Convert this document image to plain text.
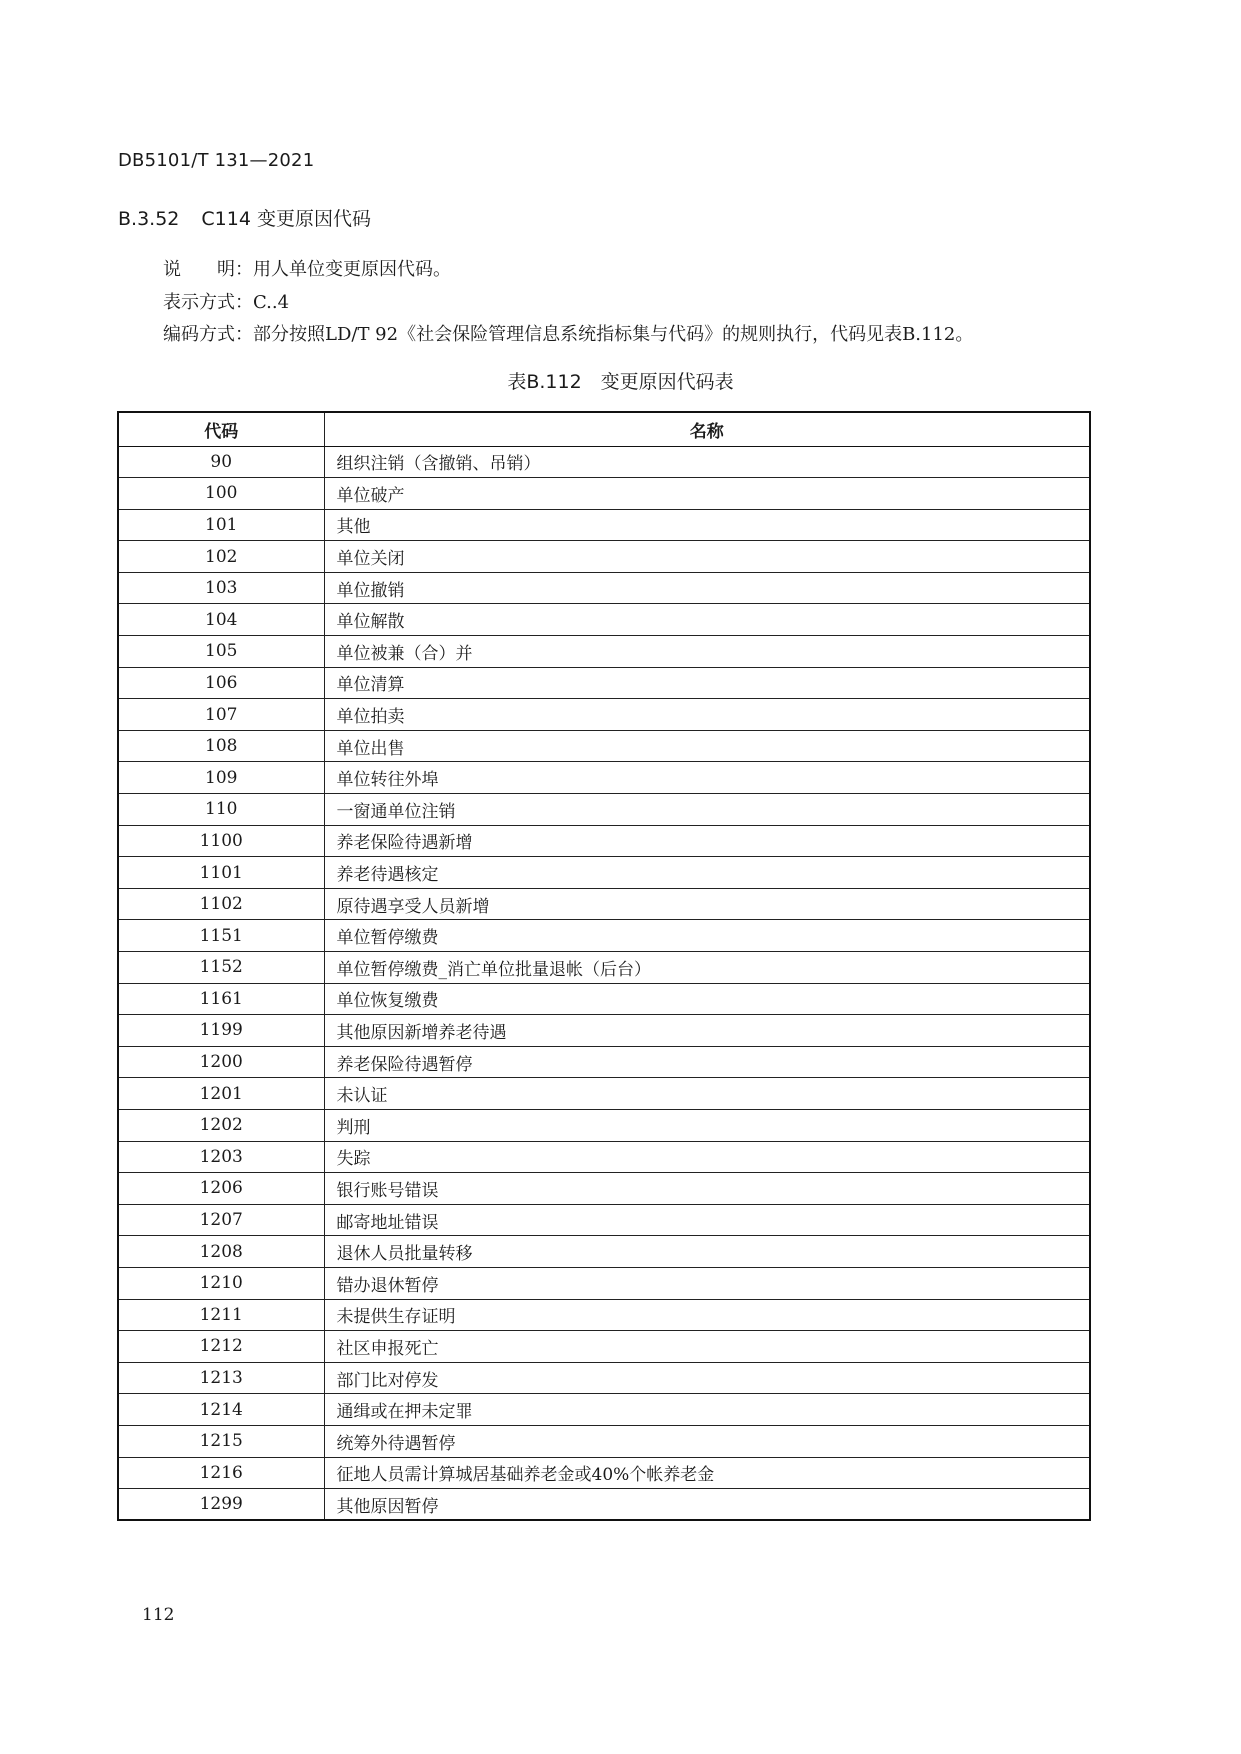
DB5101/T 131—2021
B.3.52 C114 变更原因代码
说　　明：用人单位变更原因代码。
表示方式：C..4
编码方式：部分按照LD/T 92《社会保险管理信息系统指标集与代码》的规则执行，代码见表B.112。
表B.112　变更原因代码表
代码	名称
90	组织注销（含撤销、吊销）
100	单位破产
101	其他
102	单位关闭
103	单位撤销
104	单位解散
105	单位被兼（合）并
106	单位清算
107	单位拍卖
108	单位出售
109	单位转往外埠
110	一窗通单位注销
1100	养老保险待遇新增
1101	养老待遇核定
1102	原待遇享受人员新增
1151	单位暂停缴费
1152	单位暂停缴费_消亡单位批量退帐（后台）
1161	单位恢复缴费
1199	其他原因新增养老待遇
1200	养老保险待遇暂停
1201	未认证
1202	判刑
1203	失踪
1206	银行账号错误
1207	邮寄地址错误
1208	退休人员批量转移
1210	错办退休暂停
1211	未提供生存证明
1212	社区申报死亡
1213	部门比对停发
1214	通缉或在押未定罪
1215	统筹外待遇暂停
1216	征地人员需计算城居基础养老金或40%个帐养老金
1299	其他原因暂停
112
